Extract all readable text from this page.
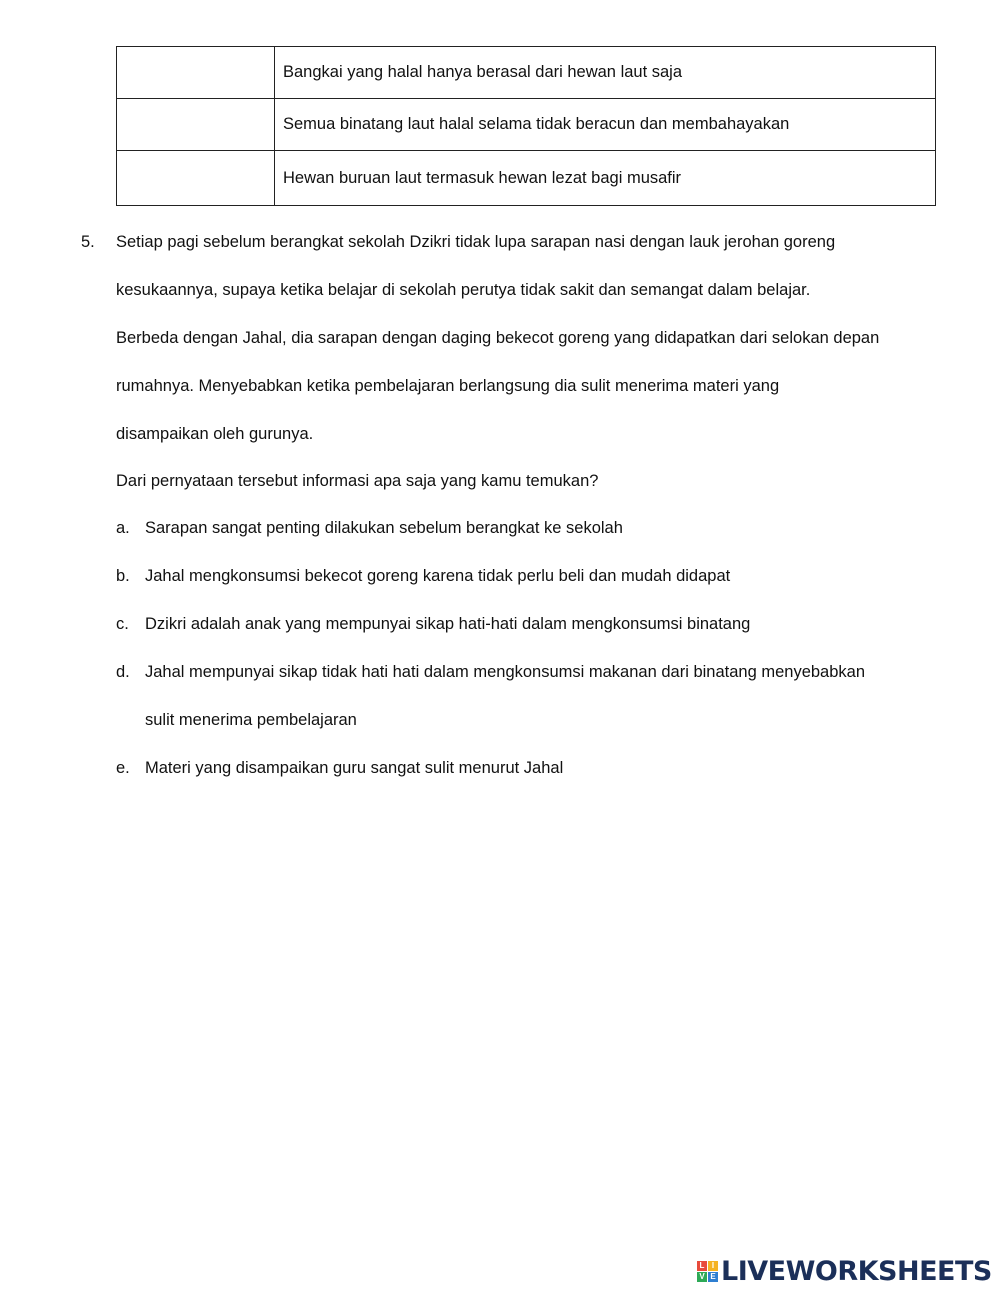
	Bangkai yang halal hanya berasal dari hewan laut saja
	Semua binatang laut halal selama tidak beracun dan membahayakan
	Hewan buruan laut termasuk hewan lezat bagi musafir
5. Setiap pagi sebelum berangkat sekolah Dzikri tidak lupa sarapan nasi dengan lauk jerohan goreng
kesukaannya, supaya ketika belajar di sekolah perutya tidak sakit dan semangat dalam belajar.
Berbeda dengan Jahal, dia sarapan dengan daging bekecot goreng yang didapatkan dari selokan depan
rumahnya. Menyebabkan ketika pembelajaran berlangsung dia sulit menerima materi yang
disampaikan oleh gurunya.
Dari pernyataan tersebut informasi apa saja yang kamu temukan?
a. Sarapan sangat penting dilakukan sebelum berangkat ke sekolah
b. Jahal mengkonsumsi bekecot goreng karena tidak perlu beli dan mudah didapat
c. Dzikri adalah anak yang mempunyai sikap hati-hati dalam mengkonsumsi binatang
d. Jahal mempunyai sikap tidak hati hati dalam mengkonsumsi makanan dari binatang menyebabkan
sulit menerima pembelajaran
e. Materi yang disampaikan guru sangat sulit menurut Jahal
L I
V E LIVEWORKSHEETS
